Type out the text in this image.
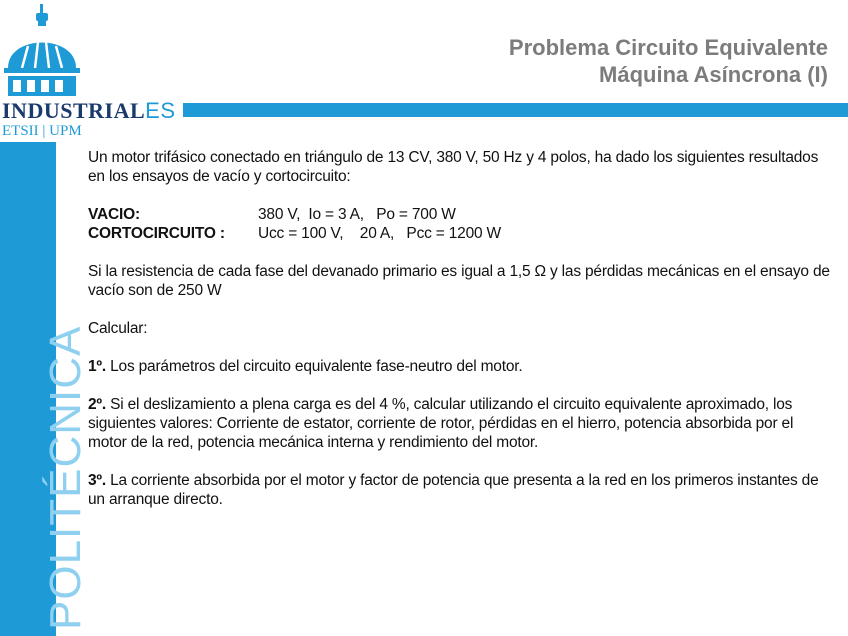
POLITÉCNICA
INDUSTRIALES
ETSII | UPM
Problema Circuito Equivalente
Máquina Asíncrona (I)

Un motor trifásico conectado en triángulo de 13 CV, 380 V, 50 Hz y 4 polos, ha dado los siguientes resultados en los ensayos de vacío y cortocircuito:

VACIO:	380 V,  Io = 3 A,   Po = 700 W
CORTOCIRCUITO :	Ucc = 100 V,    20 A,   Pcc = 1200 W

Si la resistencia de cada fase del devanado primario es igual a 1,5 Ω y las pérdidas mecánicas en el ensayo de vacío son de 250 W

Calcular:

1º. Los parámetros del circuito equivalente fase-neutro del motor.

2º. Si el deslizamiento a plena carga es del 4 %, calcular utilizando el circuito equivalente aproximado, los siguientes valores: Corriente de estator, corriente de rotor, pérdidas en el hierro, potencia absorbida por el motor de la red, potencia mecánica interna y rendimiento del motor.

3º. La corriente absorbida por el motor y factor de potencia que presenta a la red en los primeros instantes de un arranque directo.
